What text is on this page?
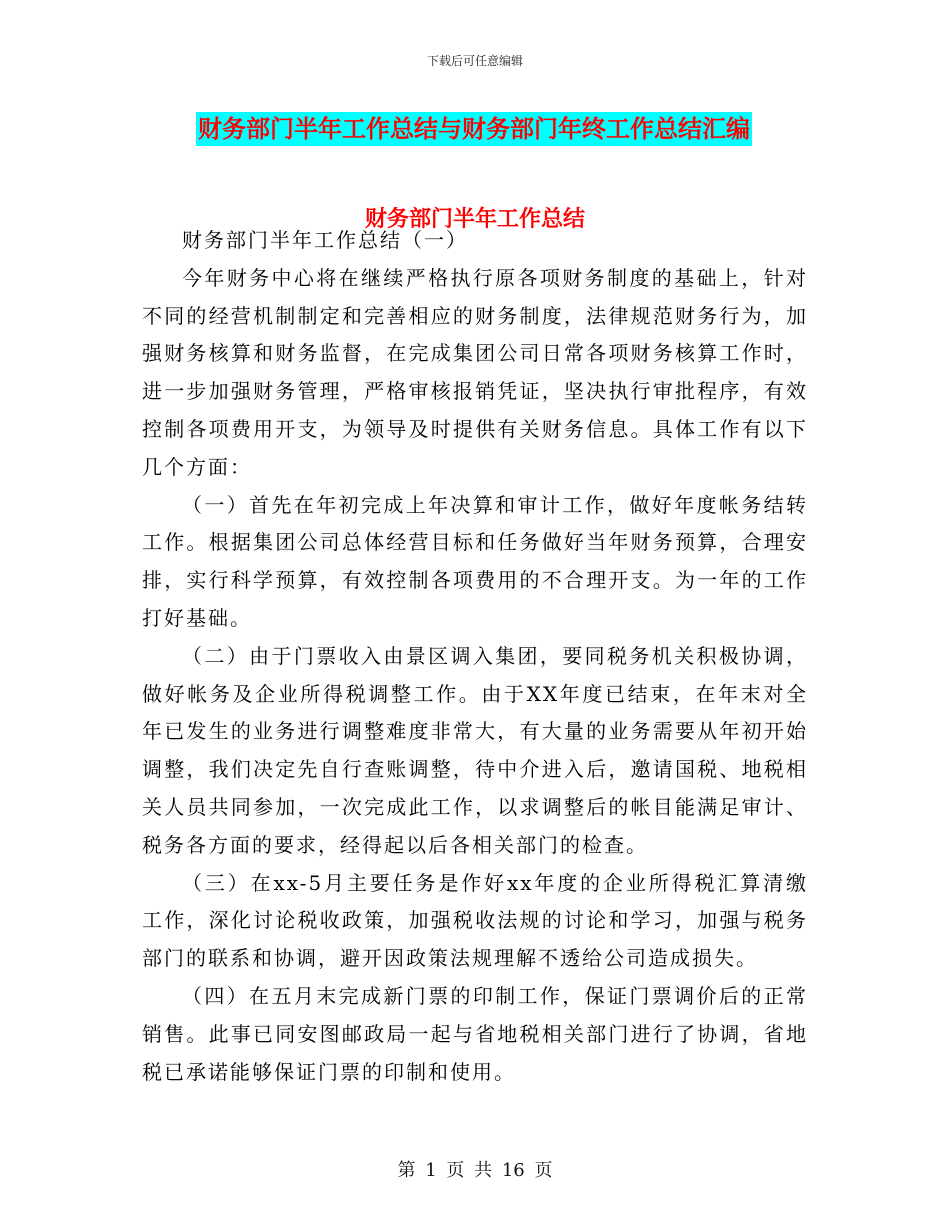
下载后可任意编辑
财务部门半年工作总结与财务部门年终工作总结汇编
财务部门半年工作总结

财务部门半年工作总结（一）

今年财务中心将在继续严格执行原各项财务制度的基础上，针对不同的经营机制制定和完善相应的财务制度，法律规范财务行为，加强财务核算和财务监督，在完成集团公司日常各项财务核算工作时，进一步加强财务管理，严格审核报销凭证，坚决执行审批程序，有效控制各项费用开支，为领导及时提供有关财务信息。具体工作有以下几个方面：

（一）首先在年初完成上年决算和审计工作，做好年度帐务结转工作。根据集团公司总体经营目标和任务做好当年财务预算，合理安排，实行科学预算，有效控制各项费用的不合理开支。为一年的工作打好基础。

（二）由于门票收入由景区调入集团，要同税务机关积极协调，做好帐务及企业所得税调整工作。由于XX年度已结束，在年末对全年已发生的业务进行调整难度非常大，有大量的业务需要从年初开始调整，我们决定先自行查账调整，待中介进入后，邀请国税、地税相关人员共同参加，一次完成此工作，以求调整后的帐目能满足审计、税务各方面的要求，经得起以后各相关部门的检查。

（三）在xx-5月主要任务是作好xx年度的企业所得税汇算清缴工作，深化讨论税收政策，加强税收法规的讨论和学习，加强与税务部门的联系和协调，避开因政策法规理解不透给公司造成损失。

（四）在五月末完成新门票的印制工作，保证门票调价后的正常销售。此事已同安图邮政局一起与省地税相关部门进行了协调，省地税已承诺能够保证门票的印制和使用。

第 1 页 共 16 页
